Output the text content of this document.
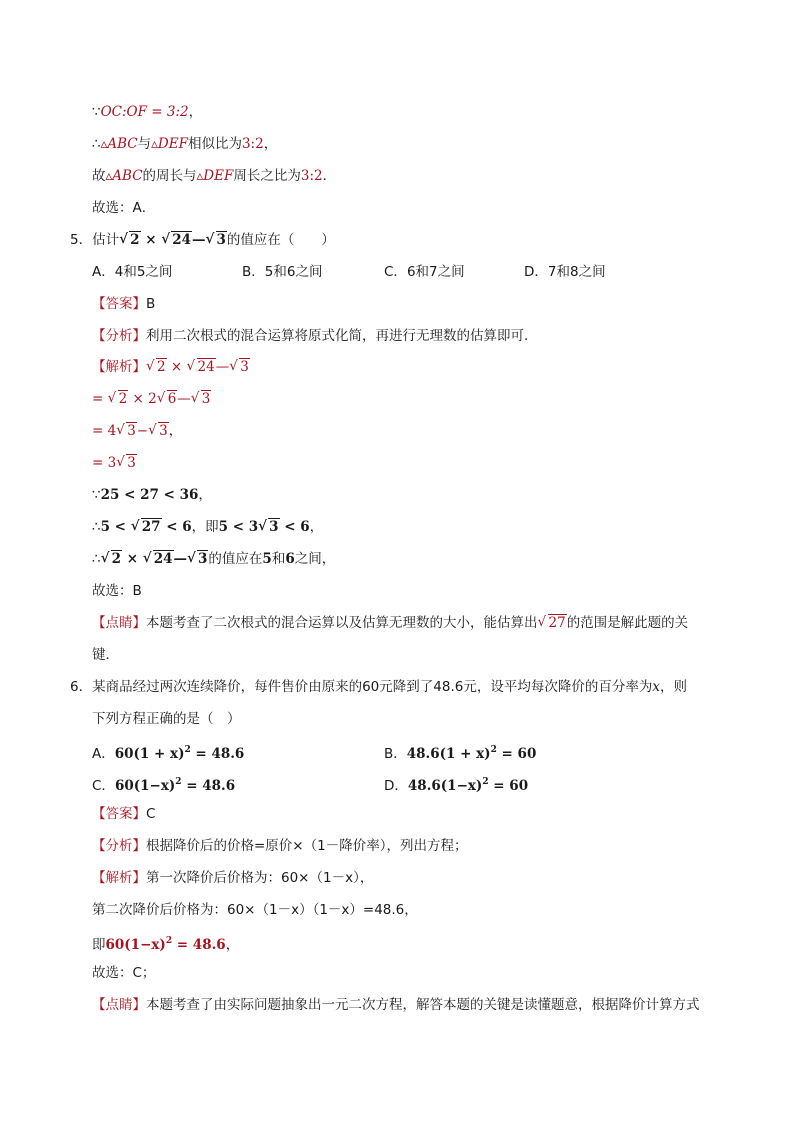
∵OC:OF = 3:2，
∴▵ABC与▵DEF相似比为3:2，
故▵ABC的周长与▵DEF周长之比为3:2．
故选：A．
5．估计 √ 2 × √ 24— √ 3的值应在（　　）
A．4和5之间	B．5和6之间	C．6和7之间	D．7和8之间
【答案】B
【分析】利用二次根式的混合运算将原式化简，再进行无理数的估算即可．
【解析】 √ 2 × √ 24— √ 3
= √ 2 × 2 √ 6— √ 3
= 4 √ 3− √ 3，
= 3 √ 3
∵25 < 27 < 36，
∴5 < √ 27 < 6，即5 < 3 √ 3 < 6，
∴ √ 2 × √ 24— √ 3的值应在5和6之间，
故选：B
【点睛】本题考查了二次根式的混合运算以及估算无理数的大小，能估算出 √ 27的范围是解此题的关
键．
6．某商品经过两次连续降价，每件售价由原来的60元降到了48.6元，设平均每次降价的百分率为x，则
下列方程正确的是（　）
A．$60(1 + x)^2 = 48.6$	B．$48.6(1 + x)^2 = 60$
C．$60(1-x)^2 = 48.6$	D．$48.6(1-x)^2 = 60$
【答案】C
【分析】根据降价后的价格=原价×（1－降价率），列出方程；
【解析】第一次降价后价格为：60×（1－x），
第二次降价后价格为：60×（1－x）（1－x）=48.6，
即$60(1-x)^2 = 48.6$，
故选：C；
【点睛】本题考查了由实际问题抽象出一元二次方程，解答本题的关键是读懂题意，根据降价计算方式
